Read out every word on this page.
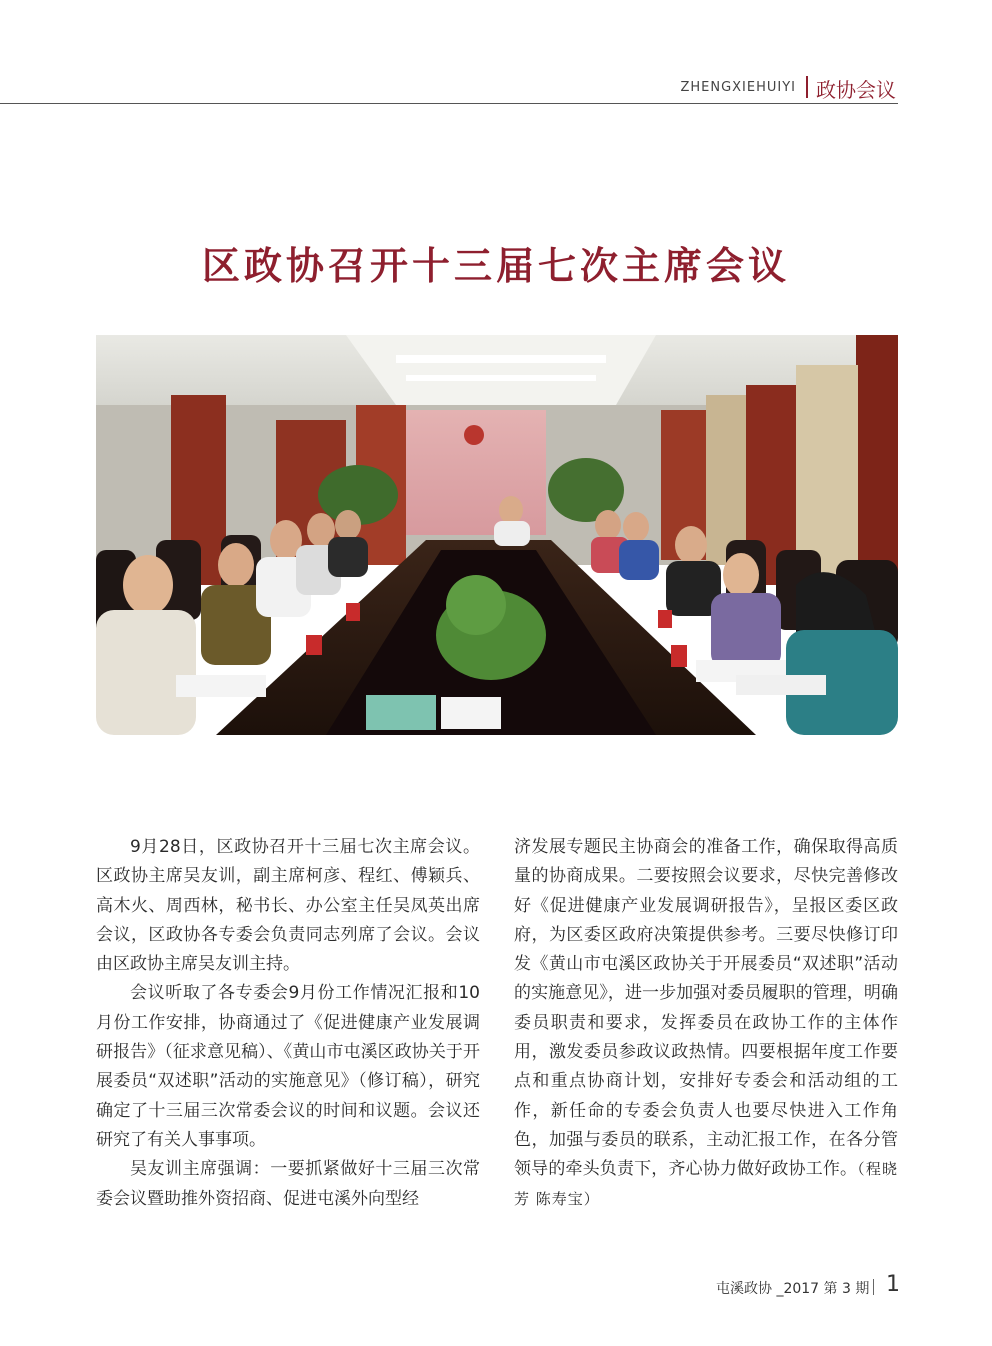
ZHENGXIEHUIYI 政协会议
区政协召开十三届七次主席会议

9月28日，区政协召开十三届七次主席会议。区政协主席吴友训，副主席柯彦、程红、傅颖兵、高木火、周西林，秘书长、办公室主任吴凤英出席会议，区政协各专委会负责同志列席了会议。会议由区政协主席吴友训主持。

会议听取了各专委会9月份工作情况汇报和10月份工作安排，协商通过了《促进健康产业发展调研报告》（征求意见稿）、《黄山市屯溪区政协关于开展委员“双述职”活动的实施意见》（修订稿），研究确定了十三届三次常委会议的时间和议题。会议还研究了有关人事事项。

吴友训主席强调：一要抓紧做好十三届三次常委会议暨助推外资招商、促进屯溪外向型经

济发展专题民主协商会的准备工作，确保取得高质量的协商成果。二要按照会议要求，尽快完善修改好《促进健康产业发展调研报告》，呈报区委区政府，为区委区政府决策提供参考。三要尽快修订印发《黄山市屯溪区政协关于开展委员“双述职”活动的实施意见》，进一步加强对委员履职的管理，明确委员职责和要求，发挥委员在政协工作的主体作用，激发委员参政议政热情。四要根据年度工作要点和重点协商计划，安排好专委会和活动组的工作，新任命的专委会负责人也要尽快进入工作角色，加强与委员的联系，主动汇报工作，在各分管领导的牵头负责下，齐心协力做好政协工作。（程晓芳 陈寿宝）

屯溪政协 _2017 第 3 期 1
